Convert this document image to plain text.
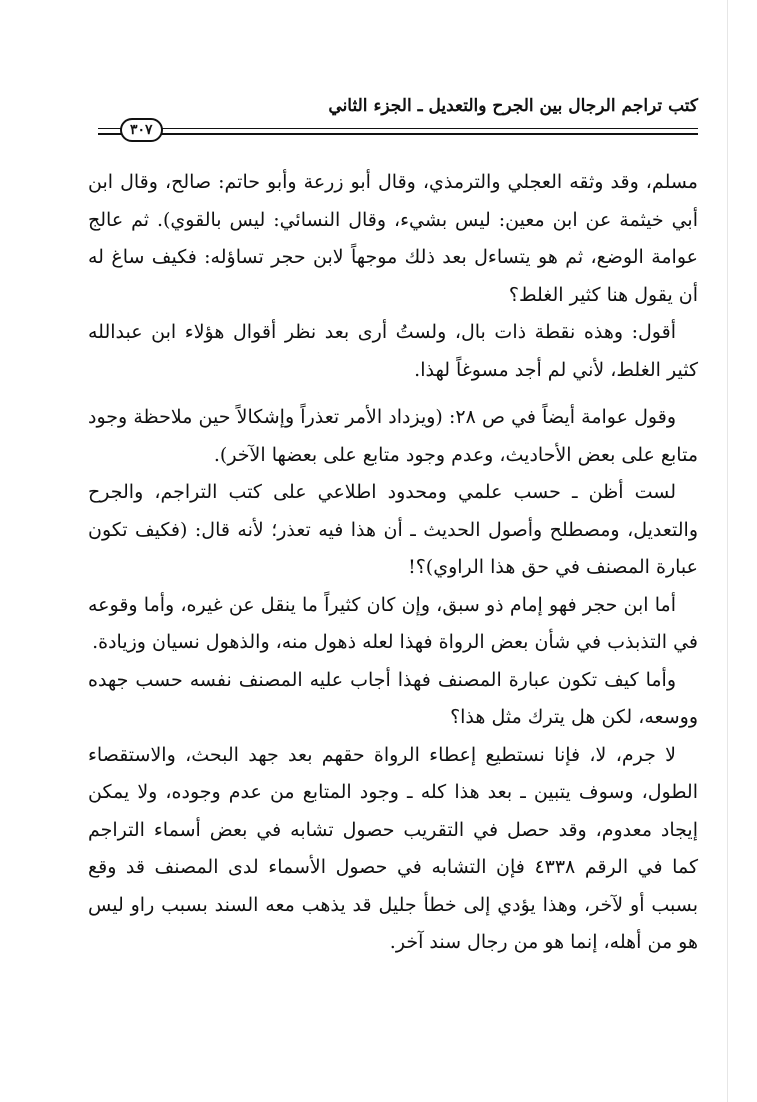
كتب تراجم الرجال بين الجرح والتعديل ـ الجزء الثاني
٣٠٧

مسلم، وقد وثقه العجلي والترمذي، وقال أبو زرعة وأبو حاتم: صالح، وقال ابن أبي خيثمة عن ابن معين: ليس بشيء، وقال النسائي: ليس بالقوي). ثم عالج عوامة الوضع، ثم هو يتساءل بعد ذلك موجهاً لابن حجر تساؤله: فكيف ساغ له أن يقول هنا كثير الغلط؟

أقول: وهذه نقطة ذات بال، ولستُ أرى بعد نظر أقوال هؤلاء ابن عبدالله كثير الغلط، لأني لم أجد مسوغاً لهذا.

وقول عوامة أيضاً في ص ٢٨: (ويزداد الأمر تعذراً وإشكالاً حين ملاحظة وجود متابع على بعض الأحاديث، وعدم وجود متابع على بعضها الآخر).

لست أظن ـ حسب علمي ومحدود اطلاعي على كتب التراجم، والجرح والتعديل، ومصطلح وأصول الحديث ـ أن هذا فيه تعذر؛ لأنه قال: (فكيف تكون عبارة المصنف في حق هذا الراوي)؟!

أما ابن حجر فهو إمام ذو سبق، وإن كان كثيراً ما ينقل عن غيره، وأما وقوعه في التذبذب في شأن بعض الرواة فهذا لعله ذهول منه، والذهول نسيان وزيادة.

وأما كيف تكون عبارة المصنف فهذا أجاب عليه المصنف نفسه حسب جهده ووسعه، لكن هل يترك مثل هذا؟

لا جرم، لا، فإنا نستطيع إعطاء الرواة حقهم بعد جهد البحث، والاستقصاء الطول، وسوف يتبين ـ بعد هذا كله ـ وجود المتابع من عدم وجوده، ولا يمكن إيجاد معدوم، وقد حصل في التقريب حصول تشابه في بعض أسماء التراجم كما في الرقم ٤٣٣٨ فإن التشابه في حصول الأسماء لدى المصنف قد وقع بسبب أو لآخر، وهذا يؤدي إلى خطأ جليل قد يذهب معه السند بسبب راو ليس هو من أهله، إنما هو من رجال سند آخر.
